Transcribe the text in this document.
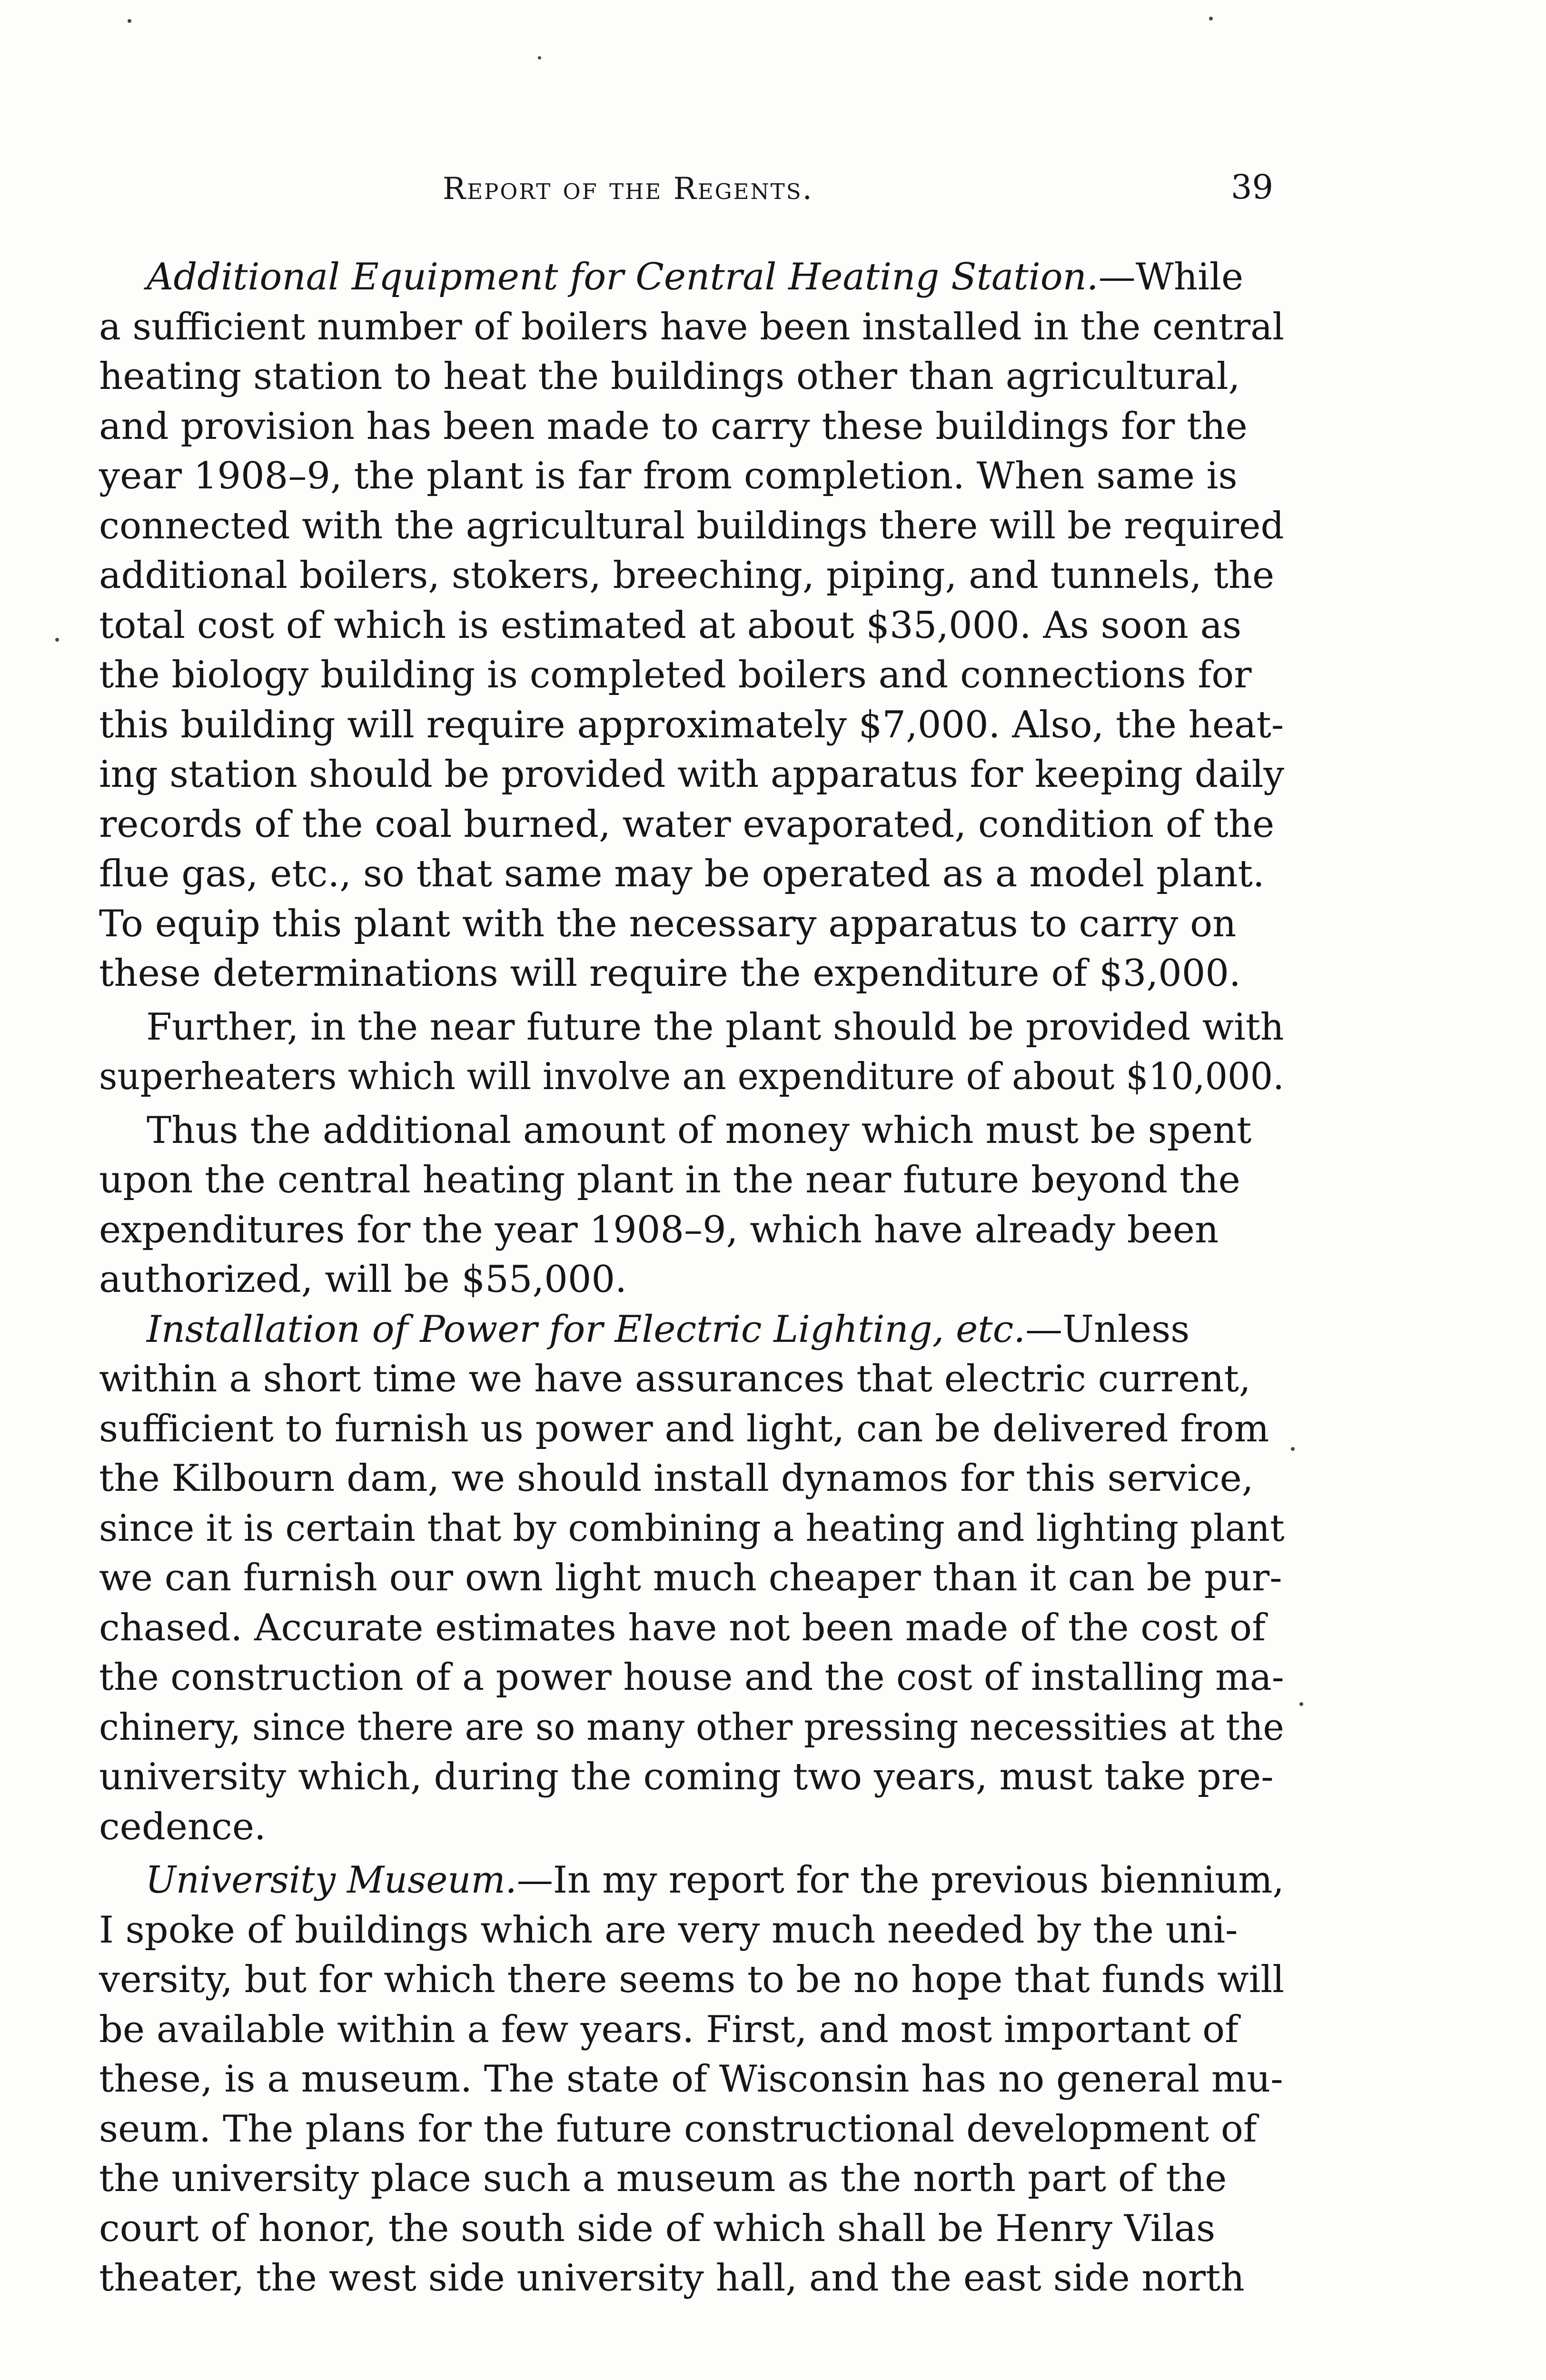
Report of the Regents.	39
Additional Equipment for Central Heating Station.—While
a sufficient number of boilers have been installed in the central
heating station to heat the buildings other than agricultural,
and provision has been made to carry these buildings for the
year 1908–9, the plant is far from completion. When same is
connected with the agricultural buildings there will be required
additional boilers, stokers, breeching, piping, and tunnels, the
total cost of which is estimated at about $35,000. As soon as
the biology building is completed boilers and connections for
this building will require approximately $7,000. Also, the heat-
ing station should be provided with apparatus for keeping daily
records of the coal burned, water evaporated, condition of the
flue gas, etc., so that same may be operated as a model plant.
To equip this plant with the necessary apparatus to carry on
these determinations will require the expenditure of $3,000.
Further, in the near future the plant should be provided with
superheaters which will involve an expenditure of about $10,000.
Thus the additional amount of money which must be spent
upon the central heating plant in the near future beyond the
expenditures for the year 1908–9, which have already been
authorized, will be $55,000.
Installation of Power for Electric Lighting, etc.—Unless
within a short time we have assurances that electric current,
sufficient to furnish us power and light, can be delivered from
the Kilbourn dam, we should install dynamos for this service,
since it is certain that by combining a heating and lighting plant
we can furnish our own light much cheaper than it can be pur-
chased. Accurate estimates have not been made of the cost of
the construction of a power house and the cost of installing ma-
chinery, since there are so many other pressing necessities at the
university which, during the coming two years, must take pre-
cedence.
University Museum.—In my report for the previous biennium,
I spoke of buildings which are very much needed by the uni-
versity, but for which there seems to be no hope that funds will
be available within a few years. First, and most important of
these, is a museum. The state of Wisconsin has no general mu-
seum. The plans for the future constructional development of
the university place such a museum as the north part of the
court of honor, the south side of which shall be Henry Vilas
theater, the west side university hall, and the east side north
